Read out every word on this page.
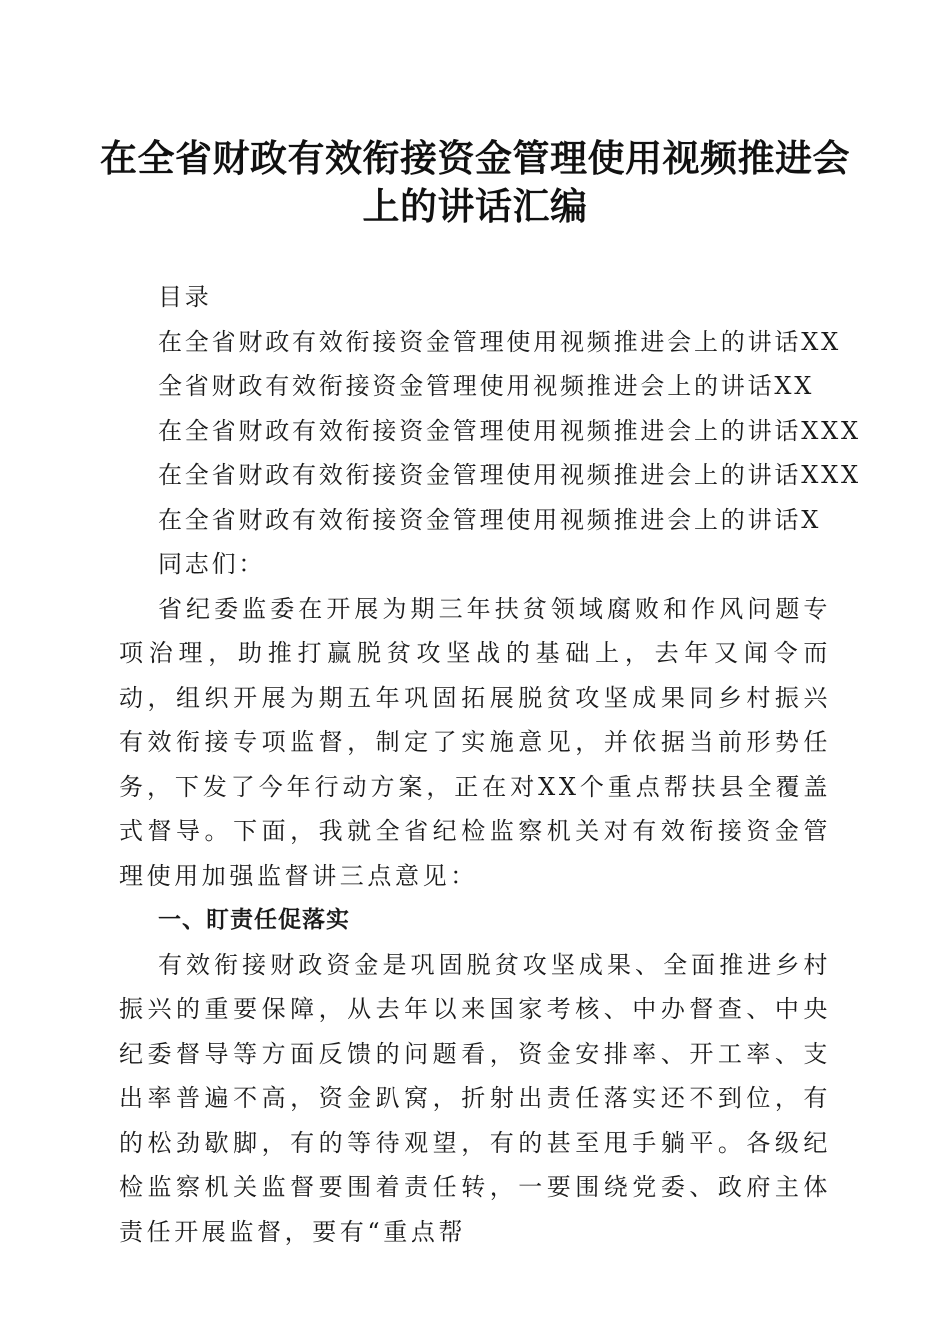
在全省财政有效衔接资金管理使用视频推进会
上的讲话汇编
目录
在全省财政有效衔接资金管理使用视频推进会上的讲话XX
全省财政有效衔接资金管理使用视频推进会上的讲话XX
在全省财政有效衔接资金管理使用视频推进会上的讲话XXX
在全省财政有效衔接资金管理使用视频推进会上的讲话XXX
在全省财政有效衔接资金管理使用视频推进会上的讲话X
同志们：

省纪委监委在开展为期三年扶贫领域腐败和作风问题专项治理，助推打赢脱贫攻坚战的基础上，去年又闻令而动，组织开展为期五年巩固拓展脱贫攻坚成果同乡村振兴有效衔接专项监督，制定了实施意见，并依据当前形势任务，下发了今年行动方案，正在对XX个重点帮扶县全覆盖式督导。下面，我就全省纪检监察机关对有效衔接资金管理使用加强监督讲三点意见：

一、盯责任促落实

有效衔接财政资金是巩固脱贫攻坚成果、全面推进乡村振兴的重要保障，从去年以来国家考核、中办督查、中央纪委督导等方面反馈的问题看，资金安排率、开工率、支出率普遍不高，资金趴窝，折射出责任落实还不到位，有的松劲歇脚，有的等待观望，有的甚至甩手躺平。各级纪检监察机关监督要围着责任转，一要围绕党委、政府主体责任开展监督，要有“重点帮
